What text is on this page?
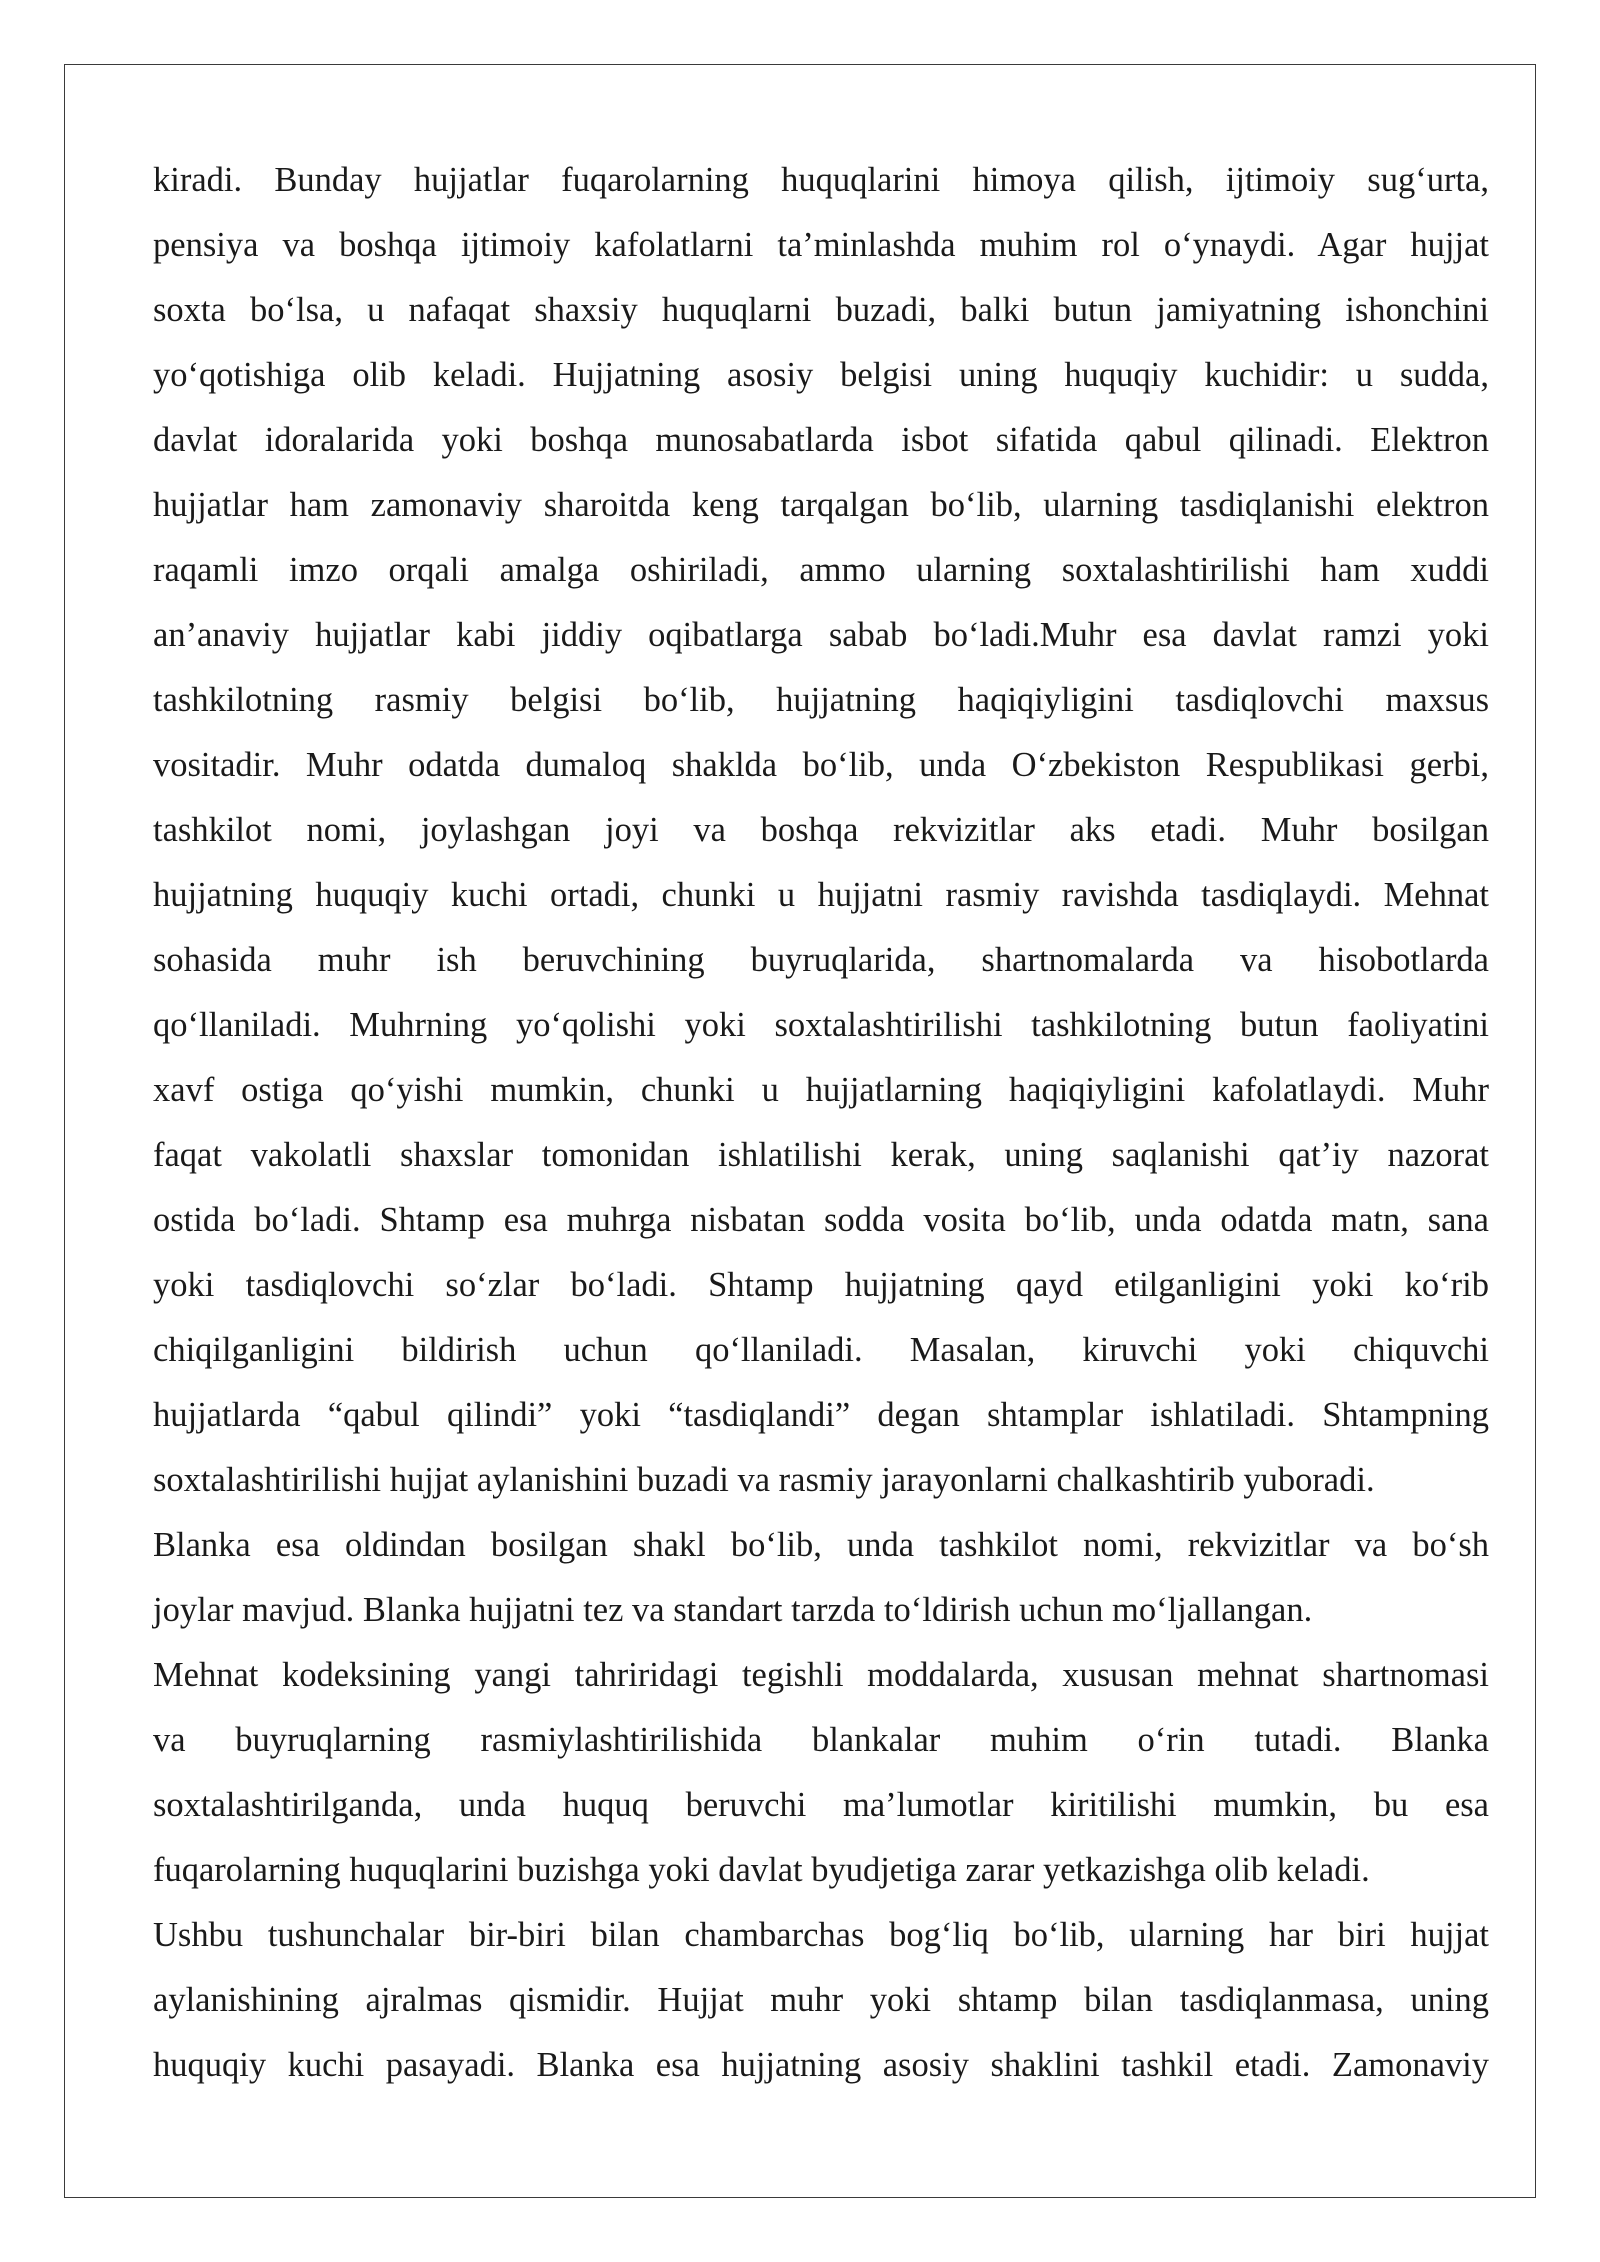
kiradi. Bunday hujjatlar fuqarolarning huquqlarini himoya qilish, ijtimoiy sug‘urta,
pensiya va boshqa ijtimoiy kafolatlarni ta’minlashda muhim rol o‘ynaydi. Agar hujjat
soxta bo‘lsa, u nafaqat shaxsiy huquqlarni buzadi, balki butun jamiyatning ishonchini
yo‘qotishiga olib keladi. Hujjatning asosiy belgisi uning huquqiy kuchidir: u sudda,
davlat idoralarida yoki boshqa munosabatlarda isbot sifatida qabul qilinadi. Elektron
hujjatlar ham zamonaviy sharoitda keng tarqalgan bo‘lib, ularning tasdiqlanishi elektron
raqamli imzo orqali amalga oshiriladi, ammo ularning soxtalashtirilishi ham xuddi
an’anaviy hujjatlar kabi jiddiy oqibatlarga sabab bo‘ladi.Muhr esa davlat ramzi yoki
tashkilotning rasmiy belgisi bo‘lib, hujjatning haqiqiyligini tasdiqlovchi maxsus
vositadir. Muhr odatda dumaloq shaklda bo‘lib, unda O‘zbekiston Respublikasi gerbi,
tashkilot nomi, joylashgan joyi va boshqa rekvizitlar aks etadi. Muhr bosilgan
hujjatning huquqiy kuchi ortadi, chunki u hujjatni rasmiy ravishda tasdiqlaydi. Mehnat
sohasida muhr ish beruvchining buyruqlarida, shartnomalarda va hisobotlarda
qo‘llaniladi. Muhrning yo‘qolishi yoki soxtalashtirilishi tashkilotning butun faoliyatini
xavf ostiga qo‘yishi mumkin, chunki u hujjatlarning haqiqiyligini kafolatlaydi. Muhr
faqat vakolatli shaxslar tomonidan ishlatilishi kerak, uning saqlanishi qat’iy nazorat
ostida bo‘ladi. Shtamp esa muhrga nisbatan sodda vosita bo‘lib, unda odatda matn, sana
yoki tasdiqlovchi so‘zlar bo‘ladi. Shtamp hujjatning qayd etilganligini yoki ko‘rib
chiqilganligini bildirish uchun qo‘llaniladi. Masalan, kiruvchi yoki chiquvchi
hujjatlarda “qabul qilindi” yoki “tasdiqlandi” degan shtamplar ishlatiladi. Shtampning
soxtalashtirilishi hujjat aylanishini buzadi va rasmiy jarayonlarni chalkashtirib yuboradi.
Blanka esa oldindan bosilgan shakl bo‘lib, unda tashkilot nomi, rekvizitlar va bo‘sh
joylar mavjud. Blanka hujjatni tez va standart tarzda to‘ldirish uchun mo‘ljallangan.
Mehnat kodeksining yangi tahriridagi tegishli moddalarda, xususan mehnat shartnomasi
va buyruqlarning rasmiylashtirilishida blankalar muhim o‘rin tutadi. Blanka
soxtalashtirilganda, unda huquq beruvchi ma’lumotlar kiritilishi mumkin, bu esa
fuqarolarning huquqlarini buzishga yoki davlat byudjetiga zarar yetkazishga olib keladi.
Ushbu tushunchalar bir-biri bilan chambarchas bog‘liq bo‘lib, ularning har biri hujjat
aylanishining ajralmas qismidir. Hujjat muhr yoki shtamp bilan tasdiqlanmasa, uning
huquqiy kuchi pasayadi. Blanka esa hujjatning asosiy shaklini tashkil etadi. Zamonaviy
